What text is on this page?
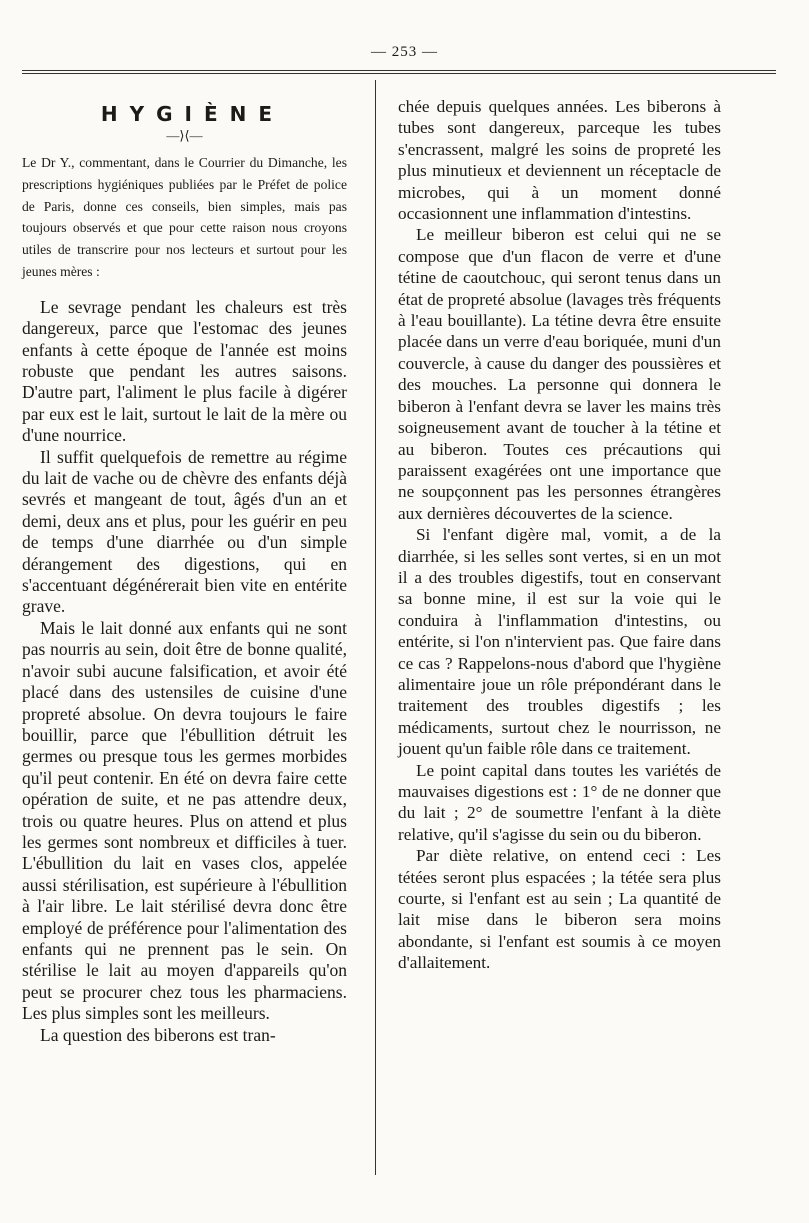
— 253 —
HYGIÈNE
—⟩⟨—

Le Dr Y., commentant, dans le Courrier du Dimanche, les prescriptions hygiéniques publiées par le Préfet de police de Paris, donne ces conseils, bien simples, mais pas toujours observés et que pour cette raison nous croyons utiles de transcrire pour nos lecteurs et surtout pour les jeunes mères :

Le sevrage pendant les chaleurs est très dangereux, parce que l'estomac des jeunes enfants à cette époque de l'année est moins robuste que pendant les autres saisons. D'autre part, l'aliment le plus facile à digérer par eux est le lait, surtout le lait de la mère ou d'une nourrice.

Il suffit quelquefois de remettre au régime du lait de vache ou de chèvre des enfants déjà sevrés et mangeant de tout, âgés d'un an et demi, deux ans et plus, pour les guérir en peu de temps d'une diarrhée ou d'un simple dérangement des digestions, qui en s'accentuant dégénérerait bien vite en entérite grave.

Mais le lait donné aux enfants qui ne sont pas nourris au sein, doit être de bonne qualité, n'avoir subi aucune falsification, et avoir été placé dans des ustensiles de cuisine d'une propreté absolue. On devra toujours le faire bouillir, parce que l'ébullition détruit les germes ou presque tous les germes morbides qu'il peut contenir. En été on devra faire cette opération de suite, et ne pas attendre deux, trois ou quatre heures. Plus on attend et plus les germes sont nombreux et difficiles à tuer. L'ébullition du lait en vases clos, appelée aussi stérilisation, est supérieure à l'ébullition à l'air libre. Le lait stérilisé devra donc être employé de préférence pour l'alimentation des enfants qui ne prennent pas le sein. On stérilise le lait au moyen d'appareils qu'on peut se procurer chez tous les pharmaciens. Les plus simples sont les meilleurs.

La question des biberons est tran-

chée depuis quelques années. Les biberons à tubes sont dangereux, parceque les tubes s'encrassent, malgré les soins de propreté les plus minutieux et deviennent un réceptacle de microbes, qui à un moment donné occasionnent une inflammation d'intestins.

Le meilleur biberon est celui qui ne se compose que d'un flacon de verre et d'une tétine de caoutchouc, qui seront tenus dans un état de propreté absolue (lavages très fréquents à l'eau bouillante). La tétine devra être ensuite placée dans un verre d'eau boriquée, muni d'un couvercle, à cause du danger des poussières et des mouches. La personne qui donnera le biberon à l'enfant devra se laver les mains très soigneusement avant de toucher à la tétine et au biberon. Toutes ces précautions qui paraissent exagérées ont une importance que ne soupçonnent pas les personnes étrangères aux dernières découvertes de la science.

Si l'enfant digère mal, vomit, a de la diarrhée, si les selles sont vertes, si en un mot il a des troubles digestifs, tout en conservant sa bonne mine, il est sur la voie qui le conduira à l'inflammation d'intestins, ou entérite, si l'on n'intervient pas. Que faire dans ce cas ? Rappelons-nous d'abord que l'hygiène alimentaire joue un rôle prépondérant dans le traitement des troubles digestifs ; les médicaments, surtout chez le nourrisson, ne jouent qu'un faible rôle dans ce traitement.

Le point capital dans toutes les variétés de mauvaises digestions est : 1° de ne donner que du lait ; 2° de soumettre l'enfant à la diète relative, qu'il s'agisse du sein ou du biberon.

Par diète relative, on entend ceci : Les tétées seront plus espacées ; la tétée sera plus courte, si l'enfant est au sein ; La quantité de lait mise dans le biberon sera moins abondante, si l'enfant est soumis à ce moyen d'allaitement.
